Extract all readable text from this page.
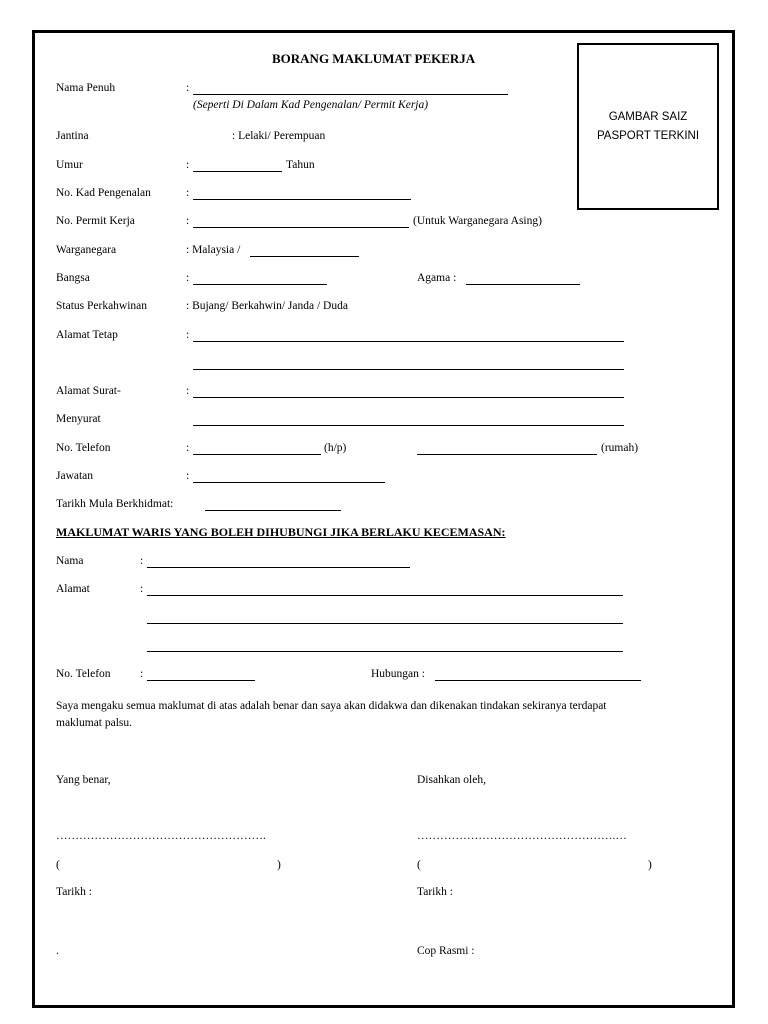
BORANG MAKLUMAT PEKERJA
GAMBAR SAIZ
PASPORT TERKINI
Nama Penuh	:
(Seperti Di Dalam Kad Pengenalan/ Permit Kerja)
Jantina	: Lelaki/ Perempuan
Umur	:	Tahun
No. Kad Pengenalan	:
No. Permit Kerja	:	(Untuk Warganegara Asing)
Warganegara	: Malaysia /
Bangsa	:	Agama :
Status Perkahwinan	: Bujang/ Berkahwin/ Janda / Duda
Alamat Tetap	:
Alamat Surat-	:
Menyurat
No. Telefon	:	(h/p)	(rumah)
Jawatan	:
Tarikh Mula Berkhidmat:
MAKLUMAT WARIS YANG BOLEH DIHUBUNGI JIKA BERLAKU KECEMASAN:
Nama	:
Alamat	:
No. Telefon	:	Hubungan :
Saya mengaku semua maklumat di atas adalah benar dan saya akan didakwa dan dikenakan tindakan sekiranya terdapat
maklumat palsu.
Yang benar,	Disahkan oleh,
……………………………………………….	…………………………………………….…
(	)	(	)
Tarikh :	Tarikh :
.	Cop Rasmi :
